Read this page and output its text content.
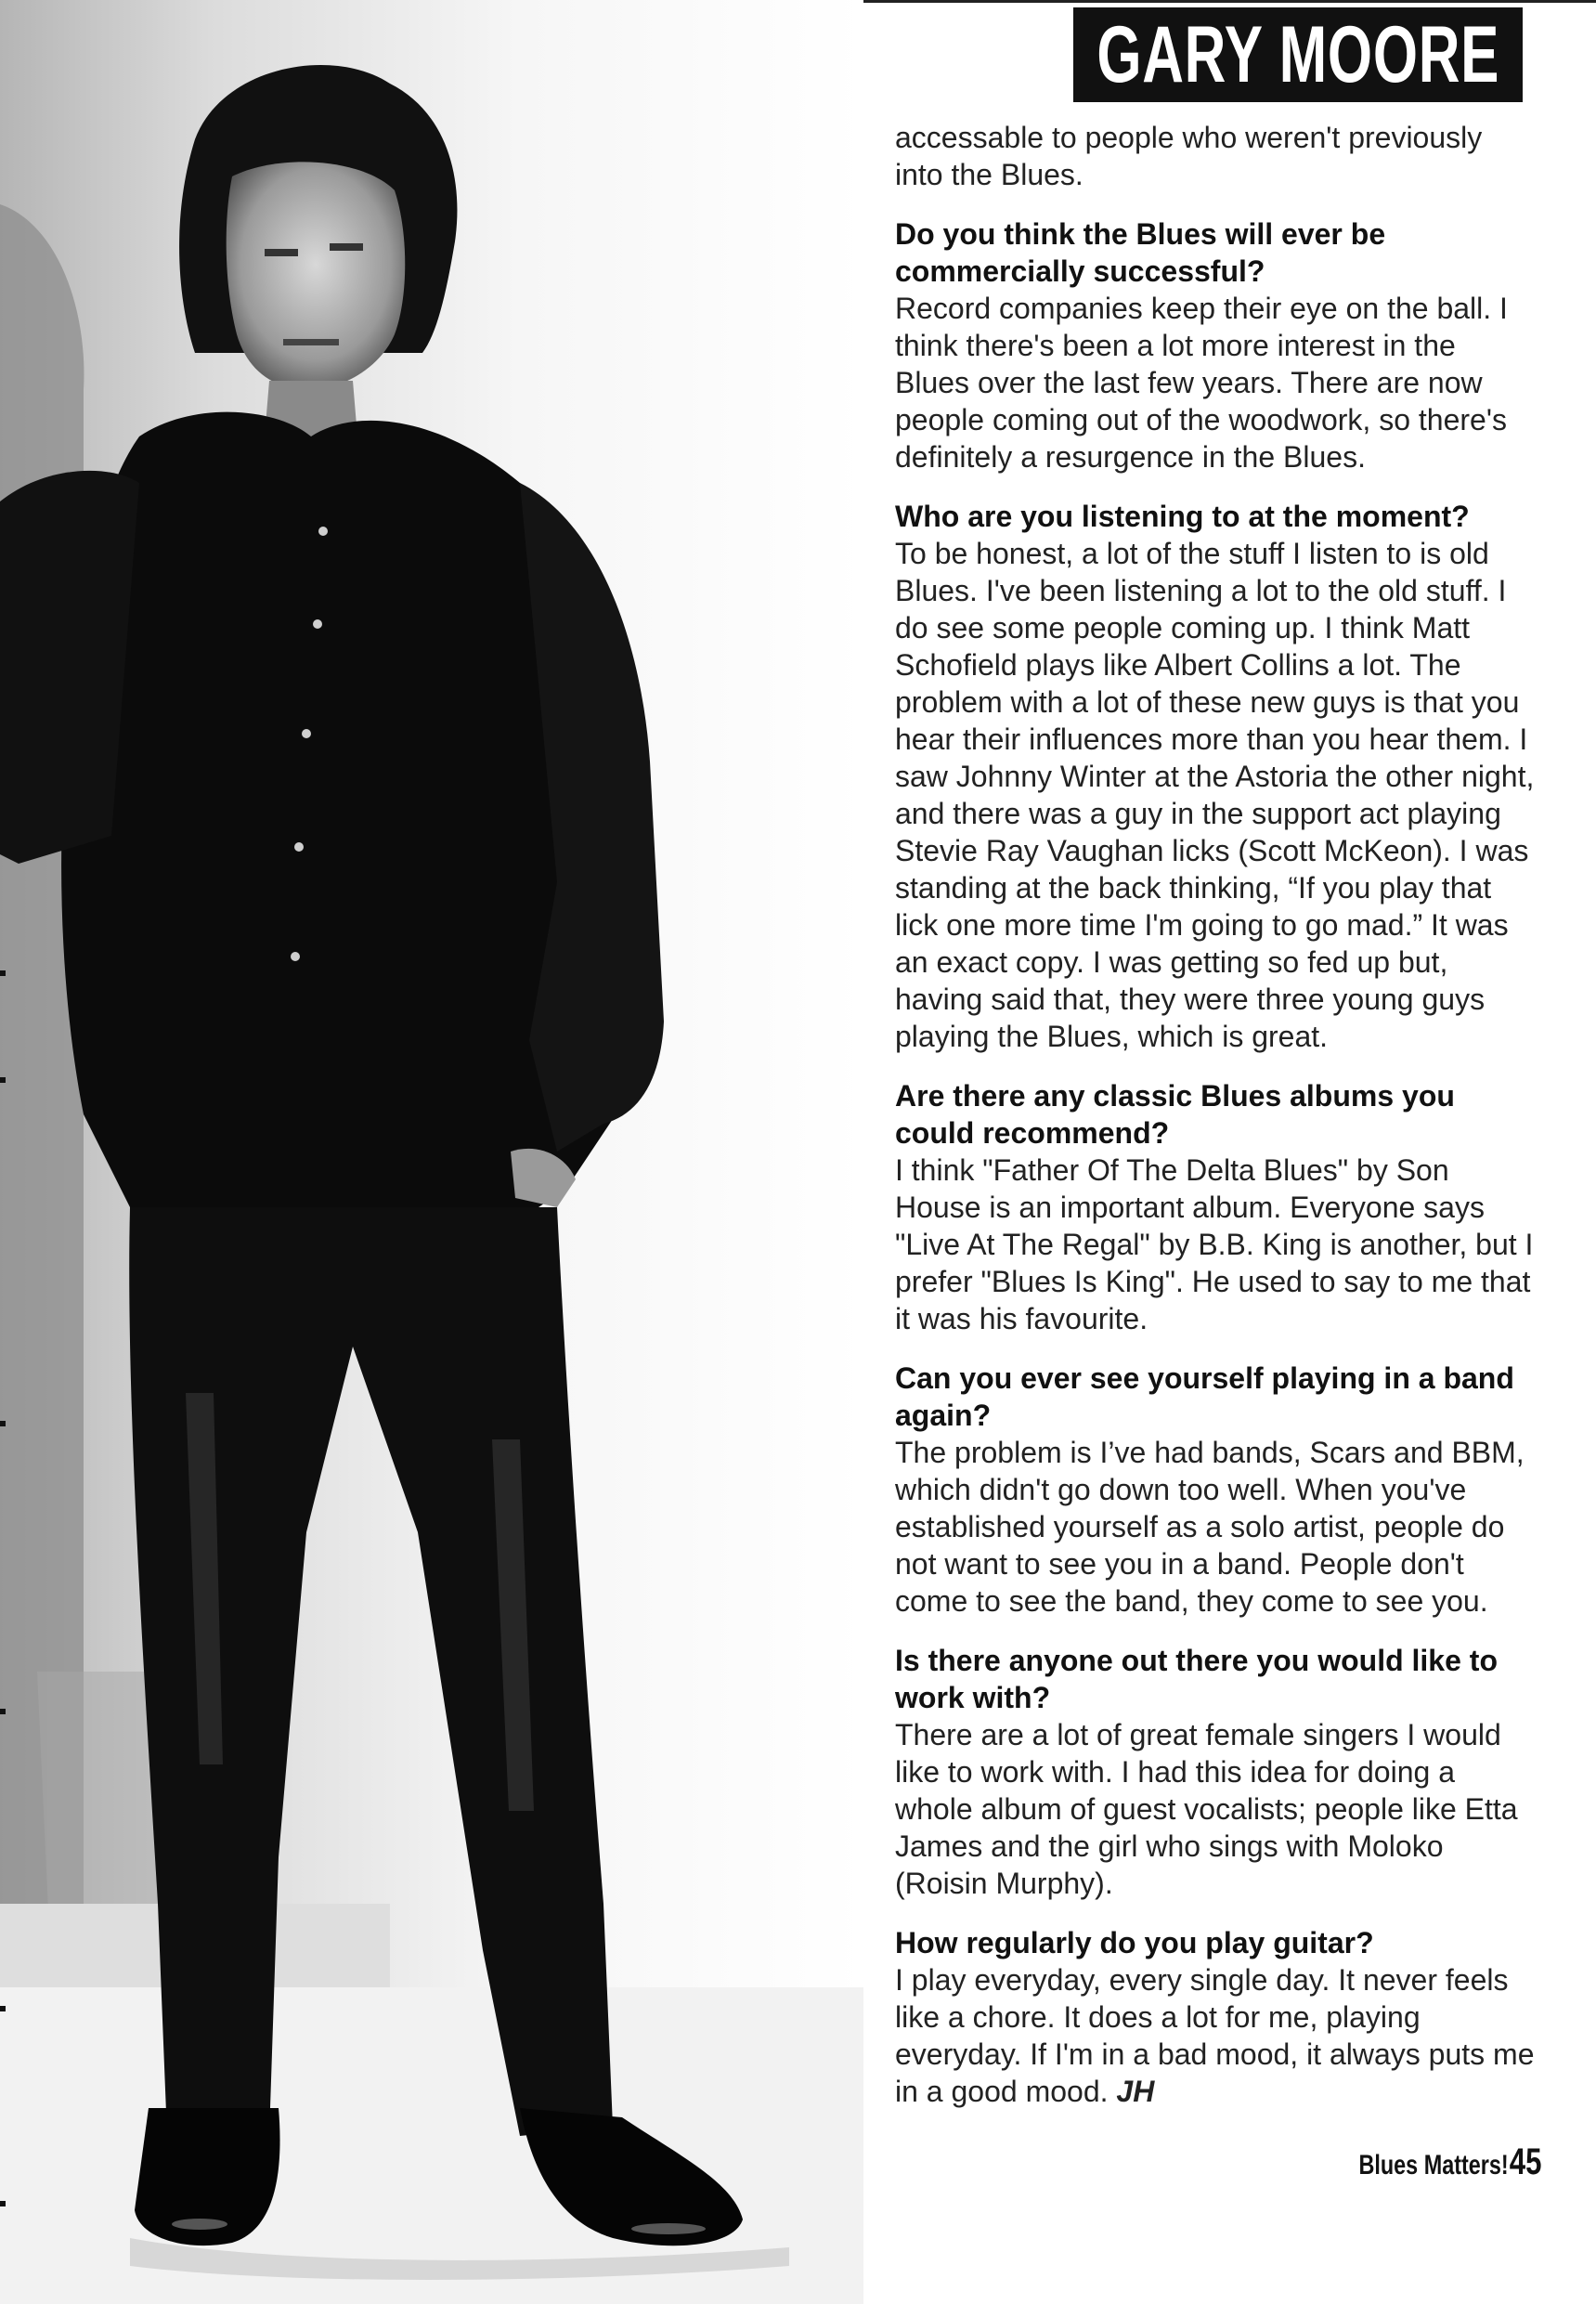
GARY MOORE

accessable to people who weren't previously into the Blues.

Do you think the Blues will ever be commercially successful?

Record companies keep their eye on the ball. I think there's been a lot more interest in the Blues over the last few years. There are now people coming out of the woodwork, so there's definitely a resurgence in the Blues.

Who are you listening to at the moment?

To be honest, a lot of the stuff I listen to is old Blues. I've been listening a lot to the old stuff. I do see some people coming up. I think Matt Schofield plays like Albert Collins a lot. The problem with a lot of these new guys is that you hear their influences more than you hear them. I saw Johnny Winter at the Astoria the other night, and there was a guy in the support act playing Stevie Ray Vaughan licks (Scott McKeon). I was standing at the back thinking, “If you play that lick one more time I'm going to go mad.” It was an exact copy. I was getting so fed up but, having said that, they were three young guys playing the Blues, which is great.

Are there any classic Blues albums you could recommend?

I think "Father Of The Delta Blues" by Son House is an important album. Everyone says "Live At The Regal" by B.B. King is another, but I prefer "Blues Is King". He used to say to me that it was his favourite.

Can you ever see yourself playing in a band again?

The problem is I’ve had bands, Scars and BBM, which didn't go down too well. When you've established yourself as a solo artist, people do not want to see you in a band. People don't come to see the band, they come to see you.

Is there anyone out there you would like to work with?

There are a lot of great female singers I would like to work with. I had this idea for doing a whole album of guest vocalists; people like Etta James and the girl who sings with Moloko (Roisin Murphy).

How regularly do you play guitar?

I play everyday, every single day. It never feels like a chore. It does a lot for me, playing everyday. If I'm in a bad mood, it always puts me in a good mood. JH

Blues Matters! 45
